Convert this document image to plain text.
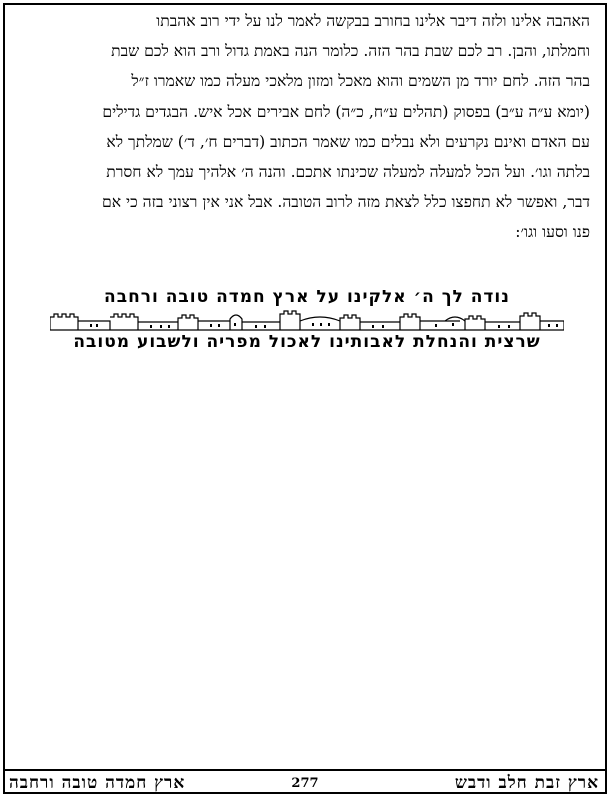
האהבה אלינו ולזה דיבר אלינו בחורב בבקשה לאמר לנו על ידי רוב אהבתו
וחמלתו, והבן. רב לכם שבת בהר הזה. כלומר הנה באמת גדול ורב הוא לכם שבת
בהר הזה. לחם יורד מן השמים והוא מאכל ומזון מלאכי מעלה כמו שאמרו ז״ל
(יומא ע״ה ע״ב) בפסוק (תהלים ע״ח, כ״ה) לחם אבירים אכל איש. הבגדים גדילים
עם האדם ואינם נקרעים ולא נבלים כמו שאמר הכתוב (דברים ח׳, ד׳) שמלתך לא
בלתה וגו׳. ועל הכל למעלה למעלה שכינתו אתכם. והנה ה׳ אלהיך עמך לא חסרת
דבר, ואפשר לא תחפצו כלל לצאת מזה לרוב הטובה. אבל אני אין רצוני בזה כי אם
פנו וסעו וגו׳:
נודה לך ה׳ אלקינו על ארץ חמדה טובה ורחבה
שרצית והנחלת לאבותינו לאכול מפריה ולשבוע מטובה
ארץ זבת חלב ודבש
277
ארץ חמדה טובה ורחבה
